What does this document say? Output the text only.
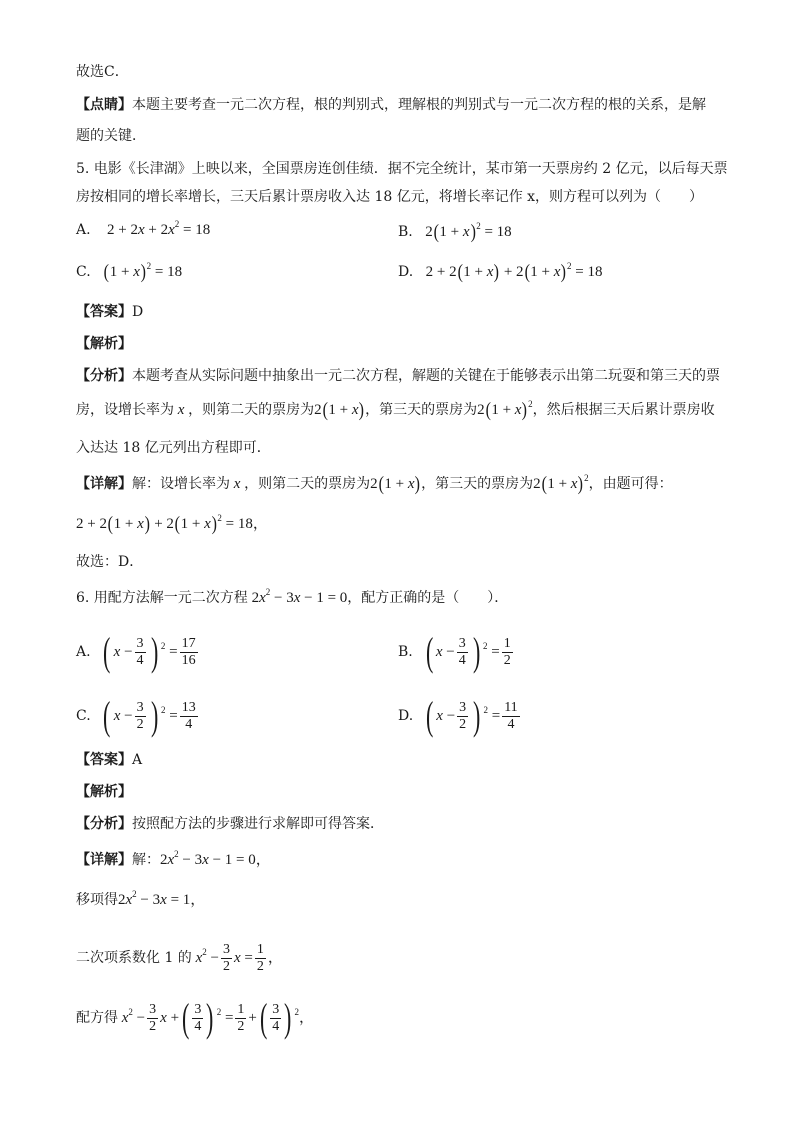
故选C．
【点睛】本题主要考查一元二次方程，根的判别式，理解根的判别式与一元二次方程的根的关系，是解
题的关键．
5. 电影《长津湖》上映以来，全国票房连创佳绩．据不完全统计，某市第一天票房约 2 亿元，以后每天票
房按相同的增长率增长，三天后累计票房收入达 18 亿元，将增长率记作 x，则方程可以列为（　　）
A. $2 + 2x + 2x^2 = 18$	B. $2(1 + x)^2 = 18$
C. $(1 + x)^2 = 18$	D. $2 + 2(1 + x) + 2(1 + x)^2 = 18$
【答案】D
【解析】
【分析】本题考查从实际问题中抽象出一元二次方程，解题的关键在于能够表示出第二玩耍和第三天的票
房，设增长率为 x ，则第二天的票房为2(1 + x)，第三天的票房为$2(1 + x)^2$，然后根据三天后累计票房收
入达达 18 亿元列出方程即可．
【详解】解：设增长率为 x ，则第二天的票房为2(1 + x)，第三天的票房为$2(1 + x)^2$，由题可得：
$2 + 2(1 + x) + 2(1 + x)^2 = 18$，
故选：D．
6. 用配方法解一元二次方程 $2x^2 - 3x - 1 = 0$，配方正确的是（　　）．
A. ( $x - \frac{3}{4}$ ) $^2 = \frac{17}{16}$	B. ( $x - \frac{3}{4}$ ) $^2 = \frac{1}{2}$
C. ( $x - \frac{3}{2}$ ) $^2 = \frac{13}{4}$	D. ( $x - \frac{3}{2}$ ) $^2 = \frac{11}{4}$
【答案】A
【解析】
【分析】按照配方法的步骤进行求解即可得答案．
【详解】解：$2x^2 - 3x - 1 = 0$，
移项得$2x^2 - 3x = 1$，
二次项系数化 1 的 $x^2 - \frac{3}{2}$ $x = \frac{1}{2}$ ，
配方得 $x^2 - \frac{3}{2}$ x +( $\frac{3}{4}$ ) $^2 = \frac{1}{2}$ +( $\frac{3}{4}$ ) $^2$，
